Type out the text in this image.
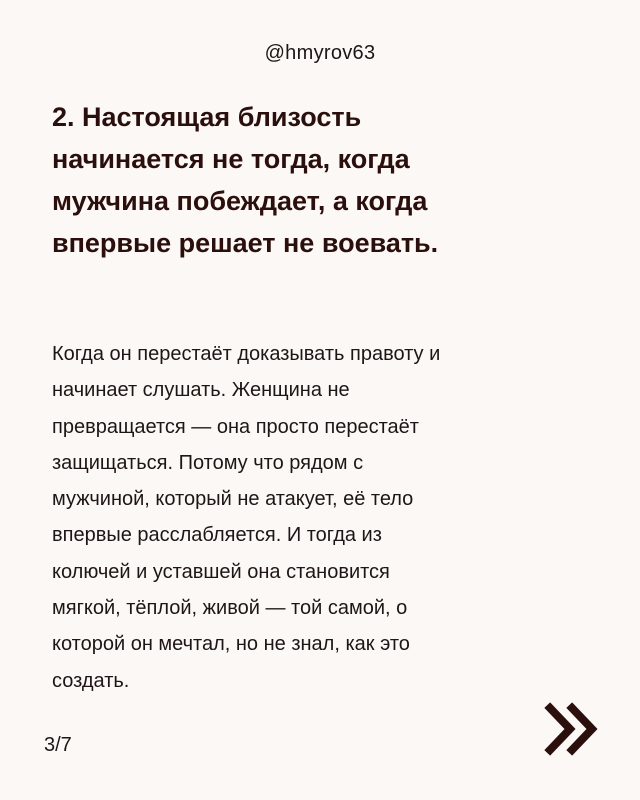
@hmyrov63
2. Настоящая близость
начинается не тогда, когда
мужчина побеждает, а когда
впервые решает не воевать.

Когда он перестаёт доказывать правоту и
начинает слушать. Женщина не
превращается — она просто перестаёт
защищаться. Потому что рядом с
мужчиной, который не атакует, её тело
впервые расслабляется. И тогда из
колючей и уставшей она становится
мягкой, тёплой, живой — той самой, о
которой он мечтал, но не знал, как это
создать.

3/7
